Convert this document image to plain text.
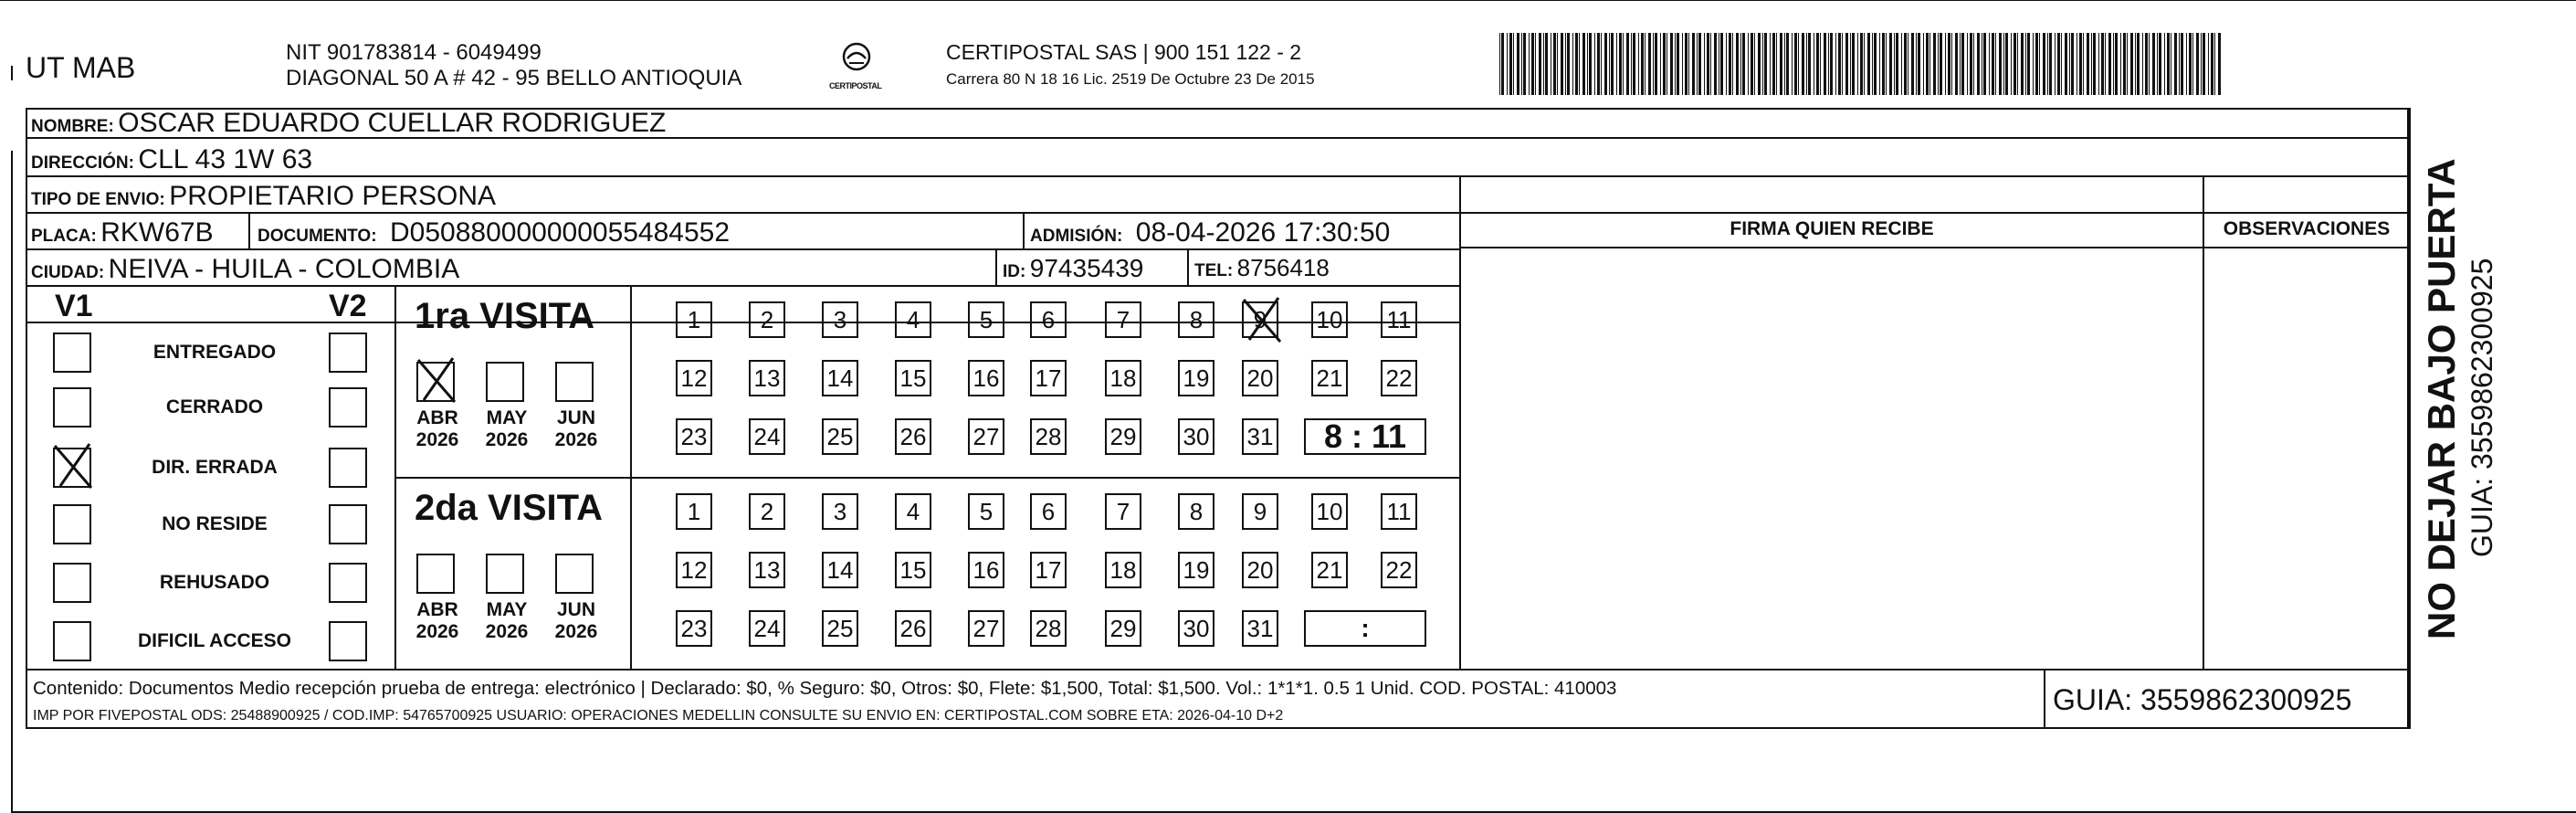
UT MAB	NIT 901783814 - 6049499
DIAGONAL 50 A # 42 - 95 BELLO ANTIOQUIA	CERTIPOSTAL
CERTIPOSTAL SAS | 900 151 122 - 2
Carrera 80 N 18 16 Lic. 2519 De Octubre 23 De 2015
NOMBRE: OSCAR EDUARDO CUELLAR RODRIGUEZ
DIRECCIÓN: CLL 43 1W 63
TIPO DE ENVIO: PROPIETARIO PERSONA
PLACA: RKW67B	DOCUMENTO: D050880000000055484552	ADMISIÓN: 08-04-2026 17:30:50
CIUDAD: NEIVA - HUILA - COLOMBIA	ID: 97435439	TEL: 8756418
FIRMA QUIEN RECIBE	OBSERVACIONES
V1	V2
ENTREGADO
CERRADO
DIR. ERRADA
NO RESIDE
REHUSADO
DIFICIL ACCESO
1ra VISITA
ABR
2026
MAY
2026
JUN
2026
1	2	3	4	5	6	7	8	9	10 11
12 13 14 15 16 17 18 19 20 21 22
23 24 25 26 27 28 29 30 31	8 : 11
2da VISITA
ABR
2026
MAY
2026
JUN
2026
1	2	3	4	5	6	7	8	9	10 11
12 13 14 15 16 17 18 19 20 21 22
23 24 25 26 27 28 29 30 31	:
Contenido: Documentos Medio recepción prueba de entrega: electrónico | Declarado: $0, % Seguro: $0, Otros: $0, Flete: $1,500, Total: $1,500. Vol.: 1*1*1. 0.5 1 Unid. COD. POSTAL: 410003
IMP POR FIVEPOSTAL ODS: 25488900925 / COD.IMP: 54765700925 USUARIO: OPERACIONES MEDELLIN CONSULTE SU ENVIO EN: CERTIPOSTAL.COM SOBRE ETA: 2026-04-10 D+2	GUIA: 3559862300925
NO DEJAR BAJO PUERTA GUIA: 3559862300925
